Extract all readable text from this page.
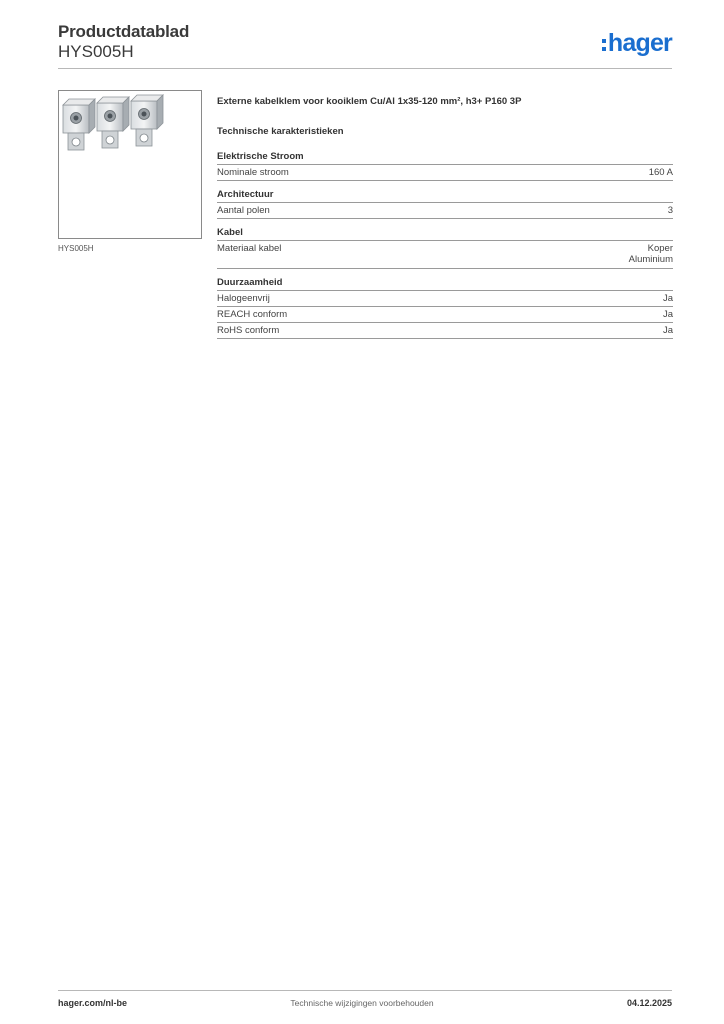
Productdatablad
HYS005H	hager
HYS005H
Externe kabelklem voor kooiklem Cu/Al 1x35-120 mm², h3+ P160 3P
Technische karakteristieken
Elektrische Stroom
Nominale stroom	160 A
Architectuur
Aantal polen	3
Kabel
Materiaal kabel	Koper
Aluminium
Duurzaamheid
Halogeenvrij	Ja
REACH conform	Ja
RoHS conform	Ja
hager.com/nl-be	Technische wijzigingen voorbehouden	04.12.2025
